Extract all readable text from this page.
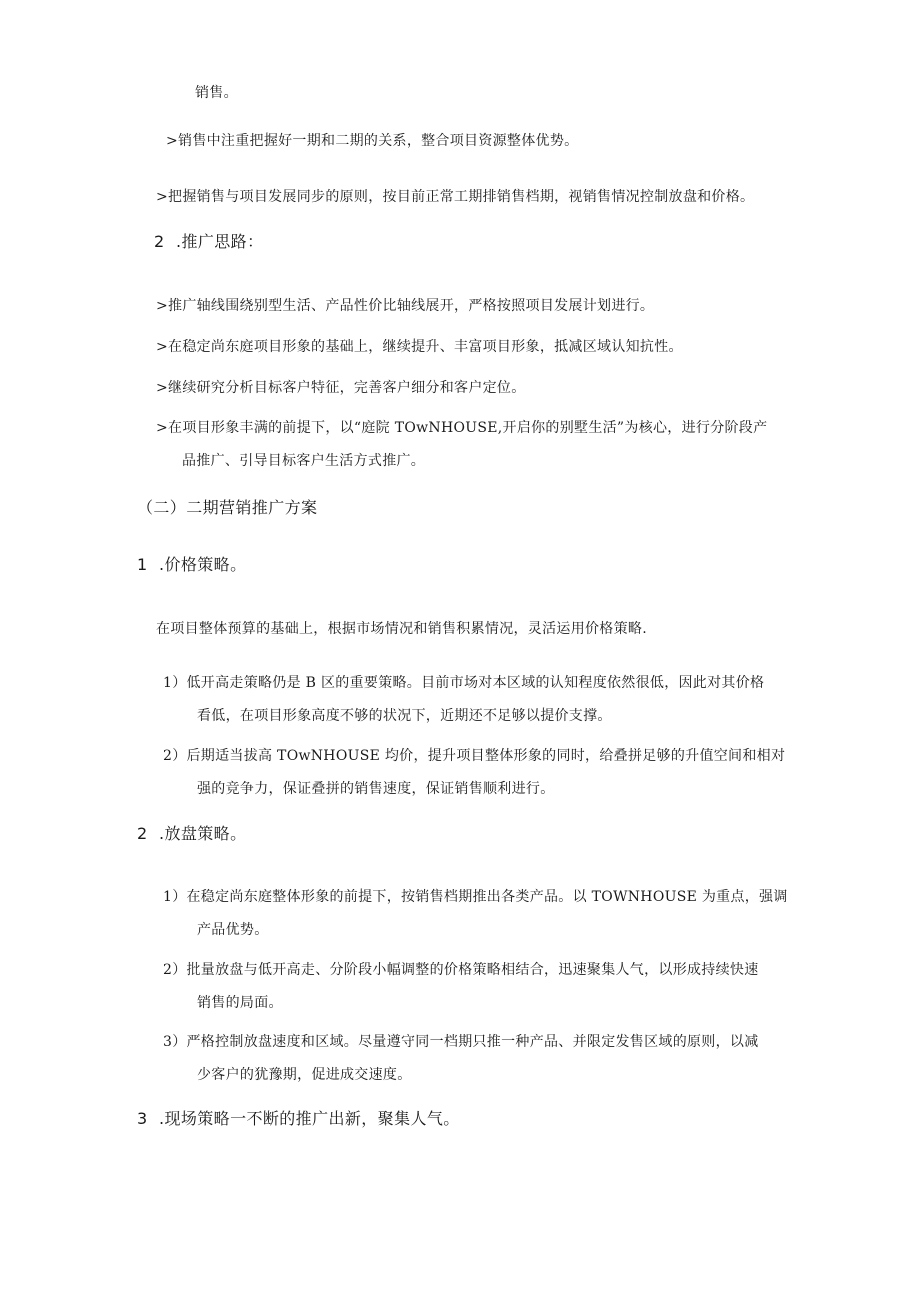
销售。
>销售中注重把握好一期和二期的关系，整合项目资源整体优势。
>把握销售与项目发展同步的原则，按目前正常工期排销售档期，视销售情况控制放盘和价格。
2 .推广思路：
>推广轴线围绕别型生活、产品性价比轴线展开，严格按照项目发展计划进行。
>在稳定尚东庭项目形象的基础上，继续提升、丰富项目形象，抵减区域认知抗性。
>继续研究分析目标客户特征，完善客户细分和客户定位。
>在项目形象丰满的前提下，以“庭院 TOwNHOUSE,开启你的别墅生活”为核心，进行分阶段产
品推广、引导目标客户生活方式推广。
（二）二期营销推广方案
1 .价格策略。
在项目整体预算的基础上，根据市场情况和销售积累情况，灵活运用价格策略.
1）低开高走策略仍是 B 区的重要策略。目前市场对本区域的认知程度依然很低，因此对其价格
看低，在项目形象高度不够的状况下，近期还不足够以提价支撑。
2）后期适当拔高 TOwNHOUSE 均价，提升项目整体形象的同时，给叠拼足够的升值空间和相对
强的竞争力，保证叠拼的销售速度，保证销售顺利进行。
2 .放盘策略。
1）在稳定尚东庭整体形象的前提下，按销售档期推出各类产品。以 TOWNHOUSE 为重点，强调
产品优势。
2）批量放盘与低开高走、分阶段小幅调整的价格策略相结合，迅速聚集人气，以形成持续快速
销售的局面。
3）严格控制放盘速度和区域。尽量遵守同一档期只推一种产品、并限定发售区域的原则，以减
少客户的犹豫期，促进成交速度。
3 .现场策略一不断的推广出新，聚集人气。
